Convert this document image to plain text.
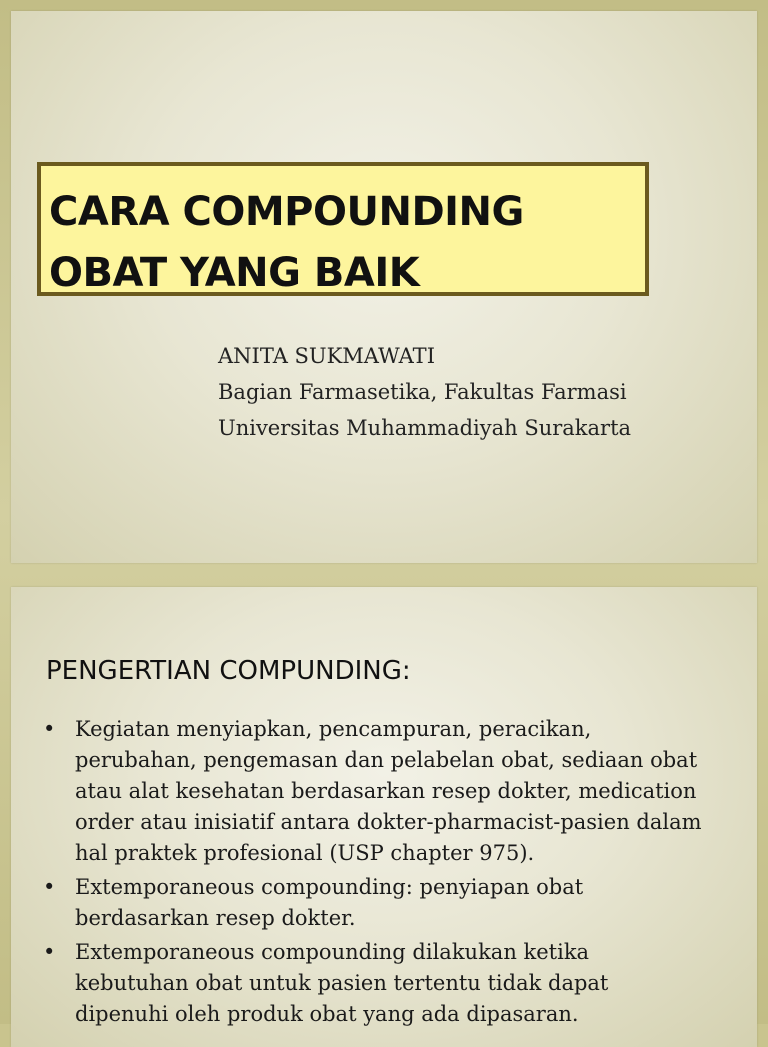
CARA COMPOUNDING
OBAT YANG BAIK
ANITA SUKMAWATI
Bagian Farmasetika, Fakultas Farmasi
Universitas Muhammadiyah Surakarta
PENGERTIAN COMPUNDING:
• Kegiatan menyiapkan, pencampuran, peracikan,
perubahan, pengemasan dan pelabelan obat, sediaan obat
atau alat kesehatan berdasarkan resep dokter, medication
order atau inisiatif antara dokter-pharmacist-pasien dalam
hal praktek profesional (USP chapter 975).
• Extemporaneous compounding: penyiapan obat
berdasarkan resep dokter.
• Extemporaneous compounding dilakukan ketika
kebutuhan obat untuk pasien tertentu tidak dapat
dipenuhi oleh produk obat yang ada dipasaran.
